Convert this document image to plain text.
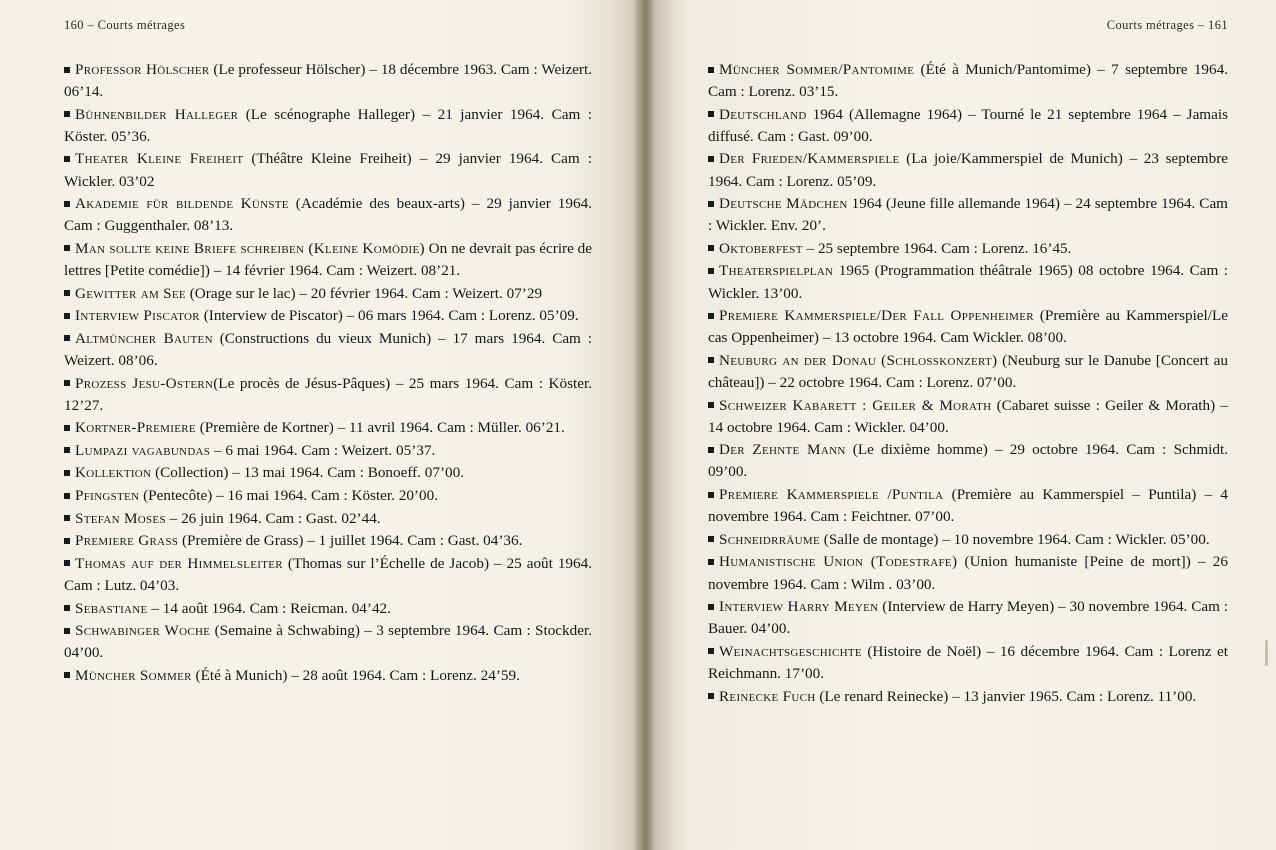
160 – Courts métrages

Professor Hölscher (Le professeur Hölscher) – 18 décembre 1963. Cam : Weizert. 06’14.

Bühnenbilder Halleger (Le scénographe Halleger) – 21 janvier 1964. Cam : Köster. 05’36.

Theater Kleine Freiheit (Théâtre Kleine Freiheit) – 29 janvier 1964. Cam : Wickler. 03’02

Akademie für bildende Künste (Académie des beaux-arts) – 29 janvier 1964. Cam : Guggenthaler. 08’13.

Man sollte keine Briefe schreiben (Kleine Komödie) On ne devrait pas écrire de lettres [Petite comédie]) – 14 février 1964. Cam : Weizert. 08’21.

Gewitter am See (Orage sur le lac) – 20 février 1964. Cam : Weizert. 07’29

Interview Piscator (Interview de Piscator) – 06 mars 1964. Cam : Lorenz. 05’09.

Altmüncher Bauten (Constructions du vieux Munich) – 17 mars 1964. Cam : Weizert. 08’06.

Prozess Jesu-Ostern(Le procès de Jésus-Pâques) – 25 mars 1964. Cam : Köster. 12’27.

Kortner-Premiere (Première de Kortner) – 11 avril 1964. Cam : Müller. 06’21.

Lumpazi vagabundas – 6 mai 1964. Cam : Weizert. 05’37.

Kollektion (Collection) – 13 mai 1964. Cam : Bonoeff. 07’00.

Pfingsten (Pentecôte) – 16 mai 1964. Cam : Köster. 20’00.

Stefan Moses – 26 juin 1964. Cam : Gast. 02’44.

Premiere Grass (Première de Grass) – 1 juillet 1964. Cam : Gast. 04’36.

Thomas auf der Himmelsleiter (Thomas sur l’Échelle de Jacob) – 25 août 1964. Cam : Lutz. 04’03.

Sebastiane – 14 août 1964. Cam : Reicman. 04’42.

Schwabinger Woche (Semaine à Schwabing) – 3 septembre 1964. Cam : Stockder. 04’00.

Müncher Sommer (Été à Munich) – 28 août 1964. Cam : Lorenz. 24’59.

Courts métrages – 161

Müncher Sommer/Pantomime (Été à Munich/Pantomime) – 7 septembre 1964. Cam : Lorenz. 03’15.

Deutschland 1964 (Allemagne 1964) – Tourné le 21 septembre 1964 – Jamais diffusé. Cam : Gast. 09’00.

Der Frieden/Kammerspiele (La joie/Kammerspiel de Munich) – 23 septembre 1964. Cam : Lorenz. 05’09.

Deutsche Mädchen 1964 (Jeune fille allemande 1964) – 24 septembre 1964. Cam : Wickler. Env. 20’.

Oktoberfest – 25 septembre 1964. Cam : Lorenz. 16’45.

Theaterspielplan 1965 (Programmation théâtrale 1965) 08 octobre 1964. Cam : Wickler. 13’00.

Premiere Kammerspiele/Der Fall Oppenheimer (Première au Kammerspiel/Le cas Oppenheimer) – 13 octobre 1964. Cam Wickler. 08’00.

Neuburg an der Donau (Schlosskonzert) (Neuburg sur le Danube [Concert au château]) – 22 octobre 1964. Cam : Lorenz. 07’00.

Schweizer Kabarett : Geiler & Morath (Cabaret suisse : Geiler & Morath) – 14 octobre 1964. Cam : Wickler. 04’00.

Der Zehnte Mann (Le dixième homme) – 29 octobre 1964. Cam : Schmidt. 09’00.

Premiere Kammerspiele /Puntila (Première au Kammerspiel – Puntila) – 4 novembre 1964. Cam : Feichtner. 07’00.

Schneidrräume (Salle de montage) – 10 novembre 1964. Cam : Wickler. 05’00.

Humanistische Union (Todestrafe) (Union humaniste [Peine de mort]) – 26 novembre 1964. Cam : Wilm . 03’00.

Interview Harry Meyen (Interview de Harry Meyen) – 30 novembre 1964. Cam : Bauer. 04’00.

Weinachtsgeschichte (Histoire de Noël) – 16 décembre 1964. Cam : Lorenz et Reichmann. 17’00.

Reinecke Fuch (Le renard Reinecke) – 13 janvier 1965. Cam : Lorenz. 11’00.
